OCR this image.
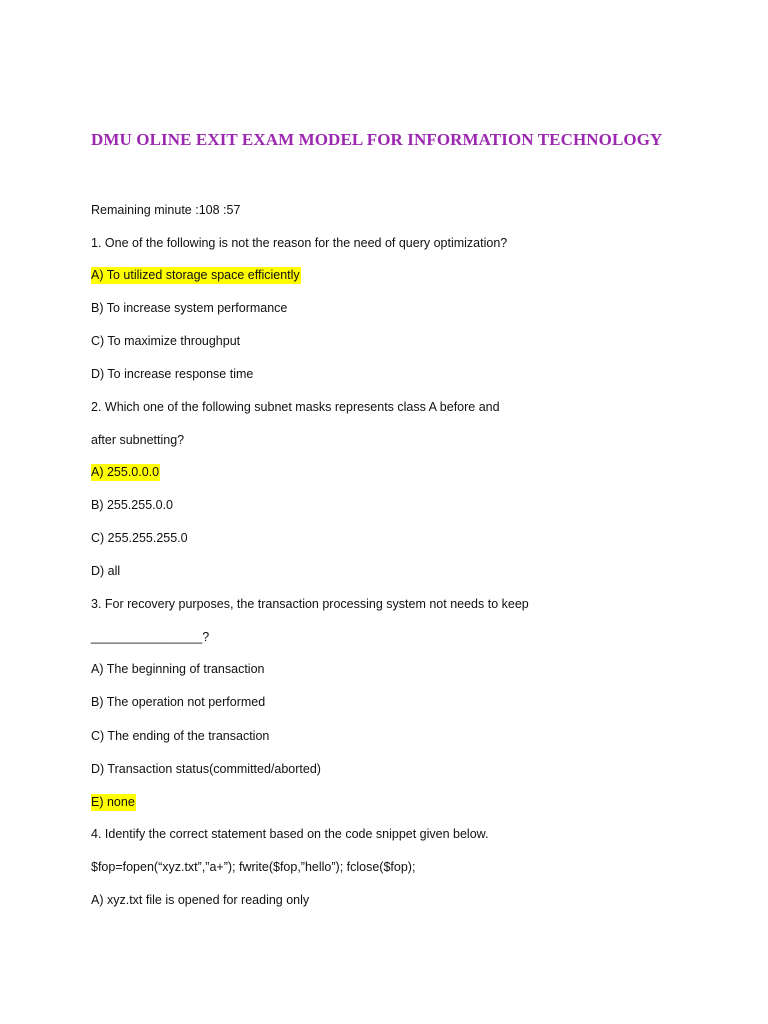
DMU OLINE EXIT EXAM MODEL FOR INFORMATION TECHNOLOGY
Remaining minute :108 :57
1. One of the following is not the reason for the need of query optimization?
A) To utilized storage space efficiently
B) To increase system performance
C) To maximize throughput
D) To increase response time
2. Which one of the following subnet masks represents class A before and
after subnetting?
A) 255.0.0.0
B) 255.255.0.0
C) 255.255.255.0
D) all
3. For recovery purposes, the transaction processing system not needs to keep
________________?
A) The beginning of transaction
B) The operation not performed
C) The ending of the transaction
D) Transaction status(committed/aborted)
E) none
4. Identify the correct statement based on the code snippet given below.
$fop=fopen(“xyz.txt”,”a+”); fwrite($fop,”hello”); fclose($fop);
A) xyz.txt file is opened for reading only
